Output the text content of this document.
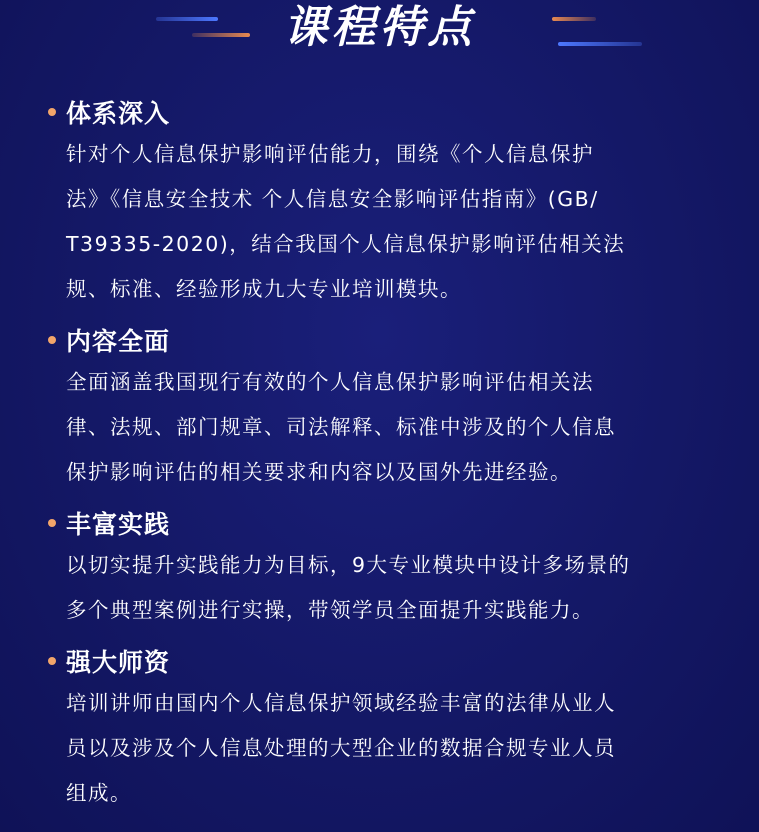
课程特点
体系深入
针对个人信息保护影响评估能力，围绕《个人信息保护
法》《信息安全技术 个人信息安全影响评估指南》(GB/
T39335-2020)，结合我国个人信息保护影响评估相关法
规、标准、经验形成九大专业培训模块。
内容全面
全面涵盖我国现行有效的个人信息保护影响评估相关法
律、法规、部门规章、司法解释、标准中涉及的个人信息
保护影响评估的相关要求和内容以及国外先进经验。
丰富实践
以切实提升实践能力为目标，9大专业模块中设计多场景的
多个典型案例进行实操，带领学员全面提升实践能力。
强大师资
培训讲师由国内个人信息保护领域经验丰富的法律从业人
员以及涉及个人信息处理的大型企业的数据合规专业人员
组成。
